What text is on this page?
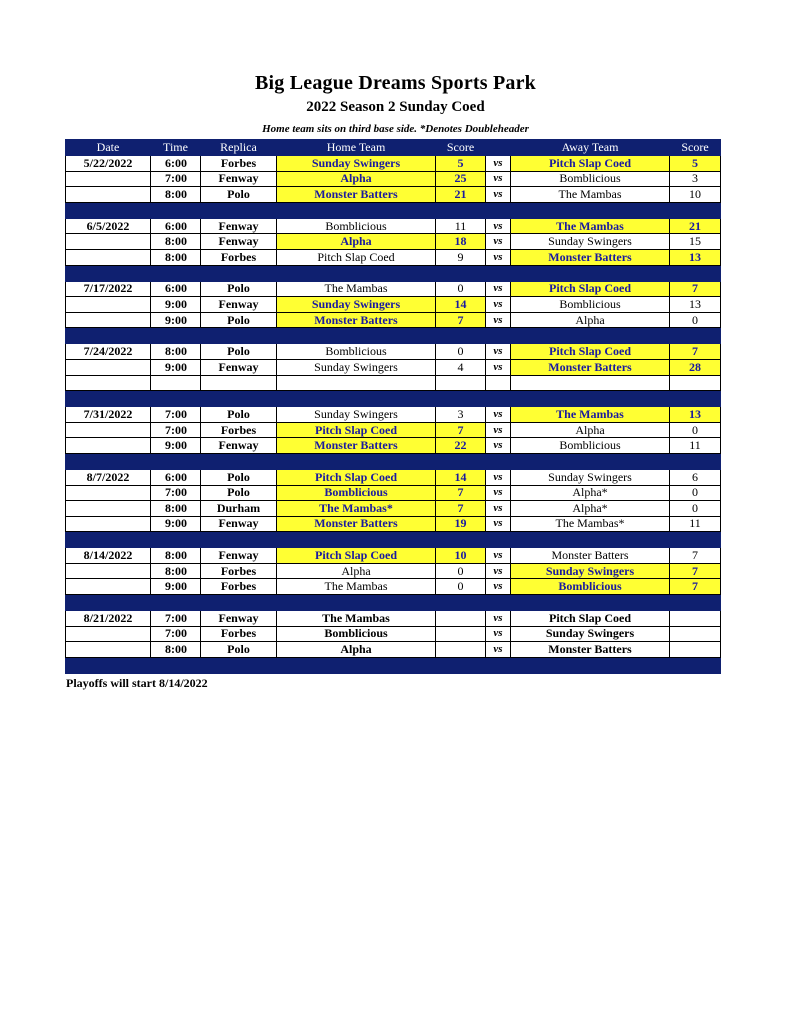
Big League Dreams Sports Park
2022 Season 2 Sunday Coed
Home team sits on third base side. *Denotes Doubleheader
Date	Time	Replica	Home Team	Score		Away Team	Score
5/22/2022	6:00	Forbes	Sunday Swingers	5	vs	Pitch Slap Coed	5
	7:00	Fenway	Alpha	25	vs	Bomblicious	3
	8:00	Polo	Monster Batters	21	vs	The Mambas	10

6/5/2022	6:00	Fenway	Bomblicious	11	vs	The Mambas	21
	8:00	Fenway	Alpha	18	vs	Sunday Swingers	15
	8:00	Forbes	Pitch Slap Coed	9	vs	Monster Batters	13

7/17/2022	6:00	Polo	The Mambas	0	vs	Pitch Slap Coed	7
	9:00	Fenway	Sunday Swingers	14	vs	Bomblicious	13
	9:00	Polo	Monster Batters	7	vs	Alpha	0

7/24/2022	8:00	Polo	Bomblicious	0	vs	Pitch Slap Coed	7
	9:00	Fenway	Sunday Swingers	4	vs	Monster Batters	28

7/31/2022	7:00	Polo	Sunday Swingers	3	vs	The Mambas	13
	7:00	Forbes	Pitch Slap Coed	7	vs	Alpha	0
	9:00	Fenway	Monster Batters	22	vs	Bomblicious	11

8/7/2022	6:00	Polo	Pitch Slap Coed	14	vs	Sunday Swingers	6
	7:00	Polo	Bomblicious	7	vs	Alpha*	0
	8:00	Durham	The Mambas*	7	vs	Alpha*	0
	9:00	Fenway	Monster Batters	19	vs	The Mambas*	11

8/14/2022	8:00	Fenway	Pitch Slap Coed	10	vs	Monster Batters	7
	8:00	Forbes	Alpha	0	vs	Sunday Swingers	7
	9:00	Forbes	The Mambas	0	vs	Bomblicious	7

8/21/2022	7:00	Fenway	The Mambas		vs	Pitch Slap Coed	
	7:00	Forbes	Bomblicious		vs	Sunday Swingers	
	8:00	Polo	Alpha		vs	Monster Batters	

Playoffs will start 8/14/2022
